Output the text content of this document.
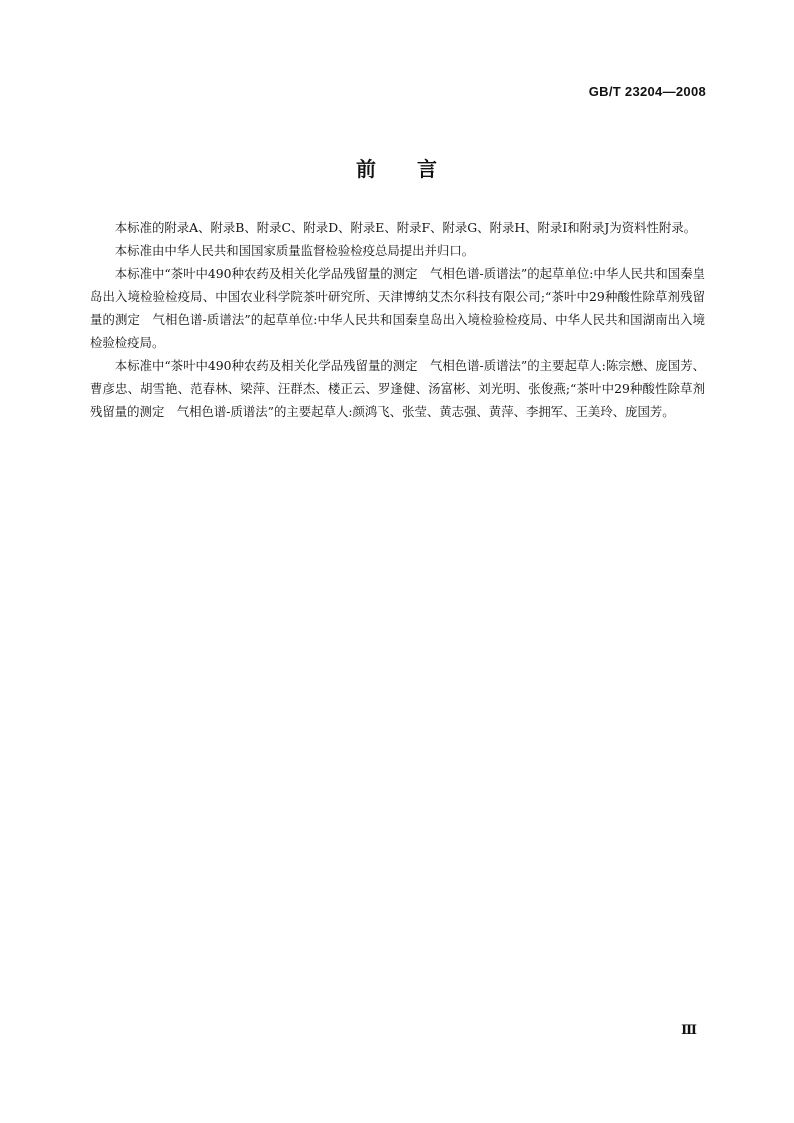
GB/T 23204—2008
前 言

本标准的附录A、附录B、附录C、附录D、附录E、附录F、附录G、附录H、附录I和附录J为资料性附录。

本标准由中华人民共和国国家质量监督检验检疫总局提出并归口。

本标准中“茶叶中490种农药及相关化学品残留量的测定　气相色谱-质谱法”的起草单位:中华人民共和国秦皇岛出入境检验检疫局、中国农业科学院茶叶研究所、天津博纳艾杰尔科技有限公司;“茶叶中29种酸性除草剂残留量的测定　气相色谱-质谱法”的起草单位:中华人民共和国秦皇岛出入境检验检疫局、中华人民共和国湖南出入境检验检疫局。

本标准中“茶叶中490种农药及相关化学品残留量的测定　气相色谱-质谱法”的主要起草人:陈宗懋、庞国芳、曹彦忠、胡雪艳、范春林、梁萍、汪群杰、楼正云、罗逢健、汤富彬、刘光明、张俊燕;“茶叶中29种酸性除草剂残留量的测定　气相色谱-质谱法”的主要起草人:颜鸿飞、张莹、黄志强、黄萍、李拥军、王美玲、庞国芳。

Ⅲ
